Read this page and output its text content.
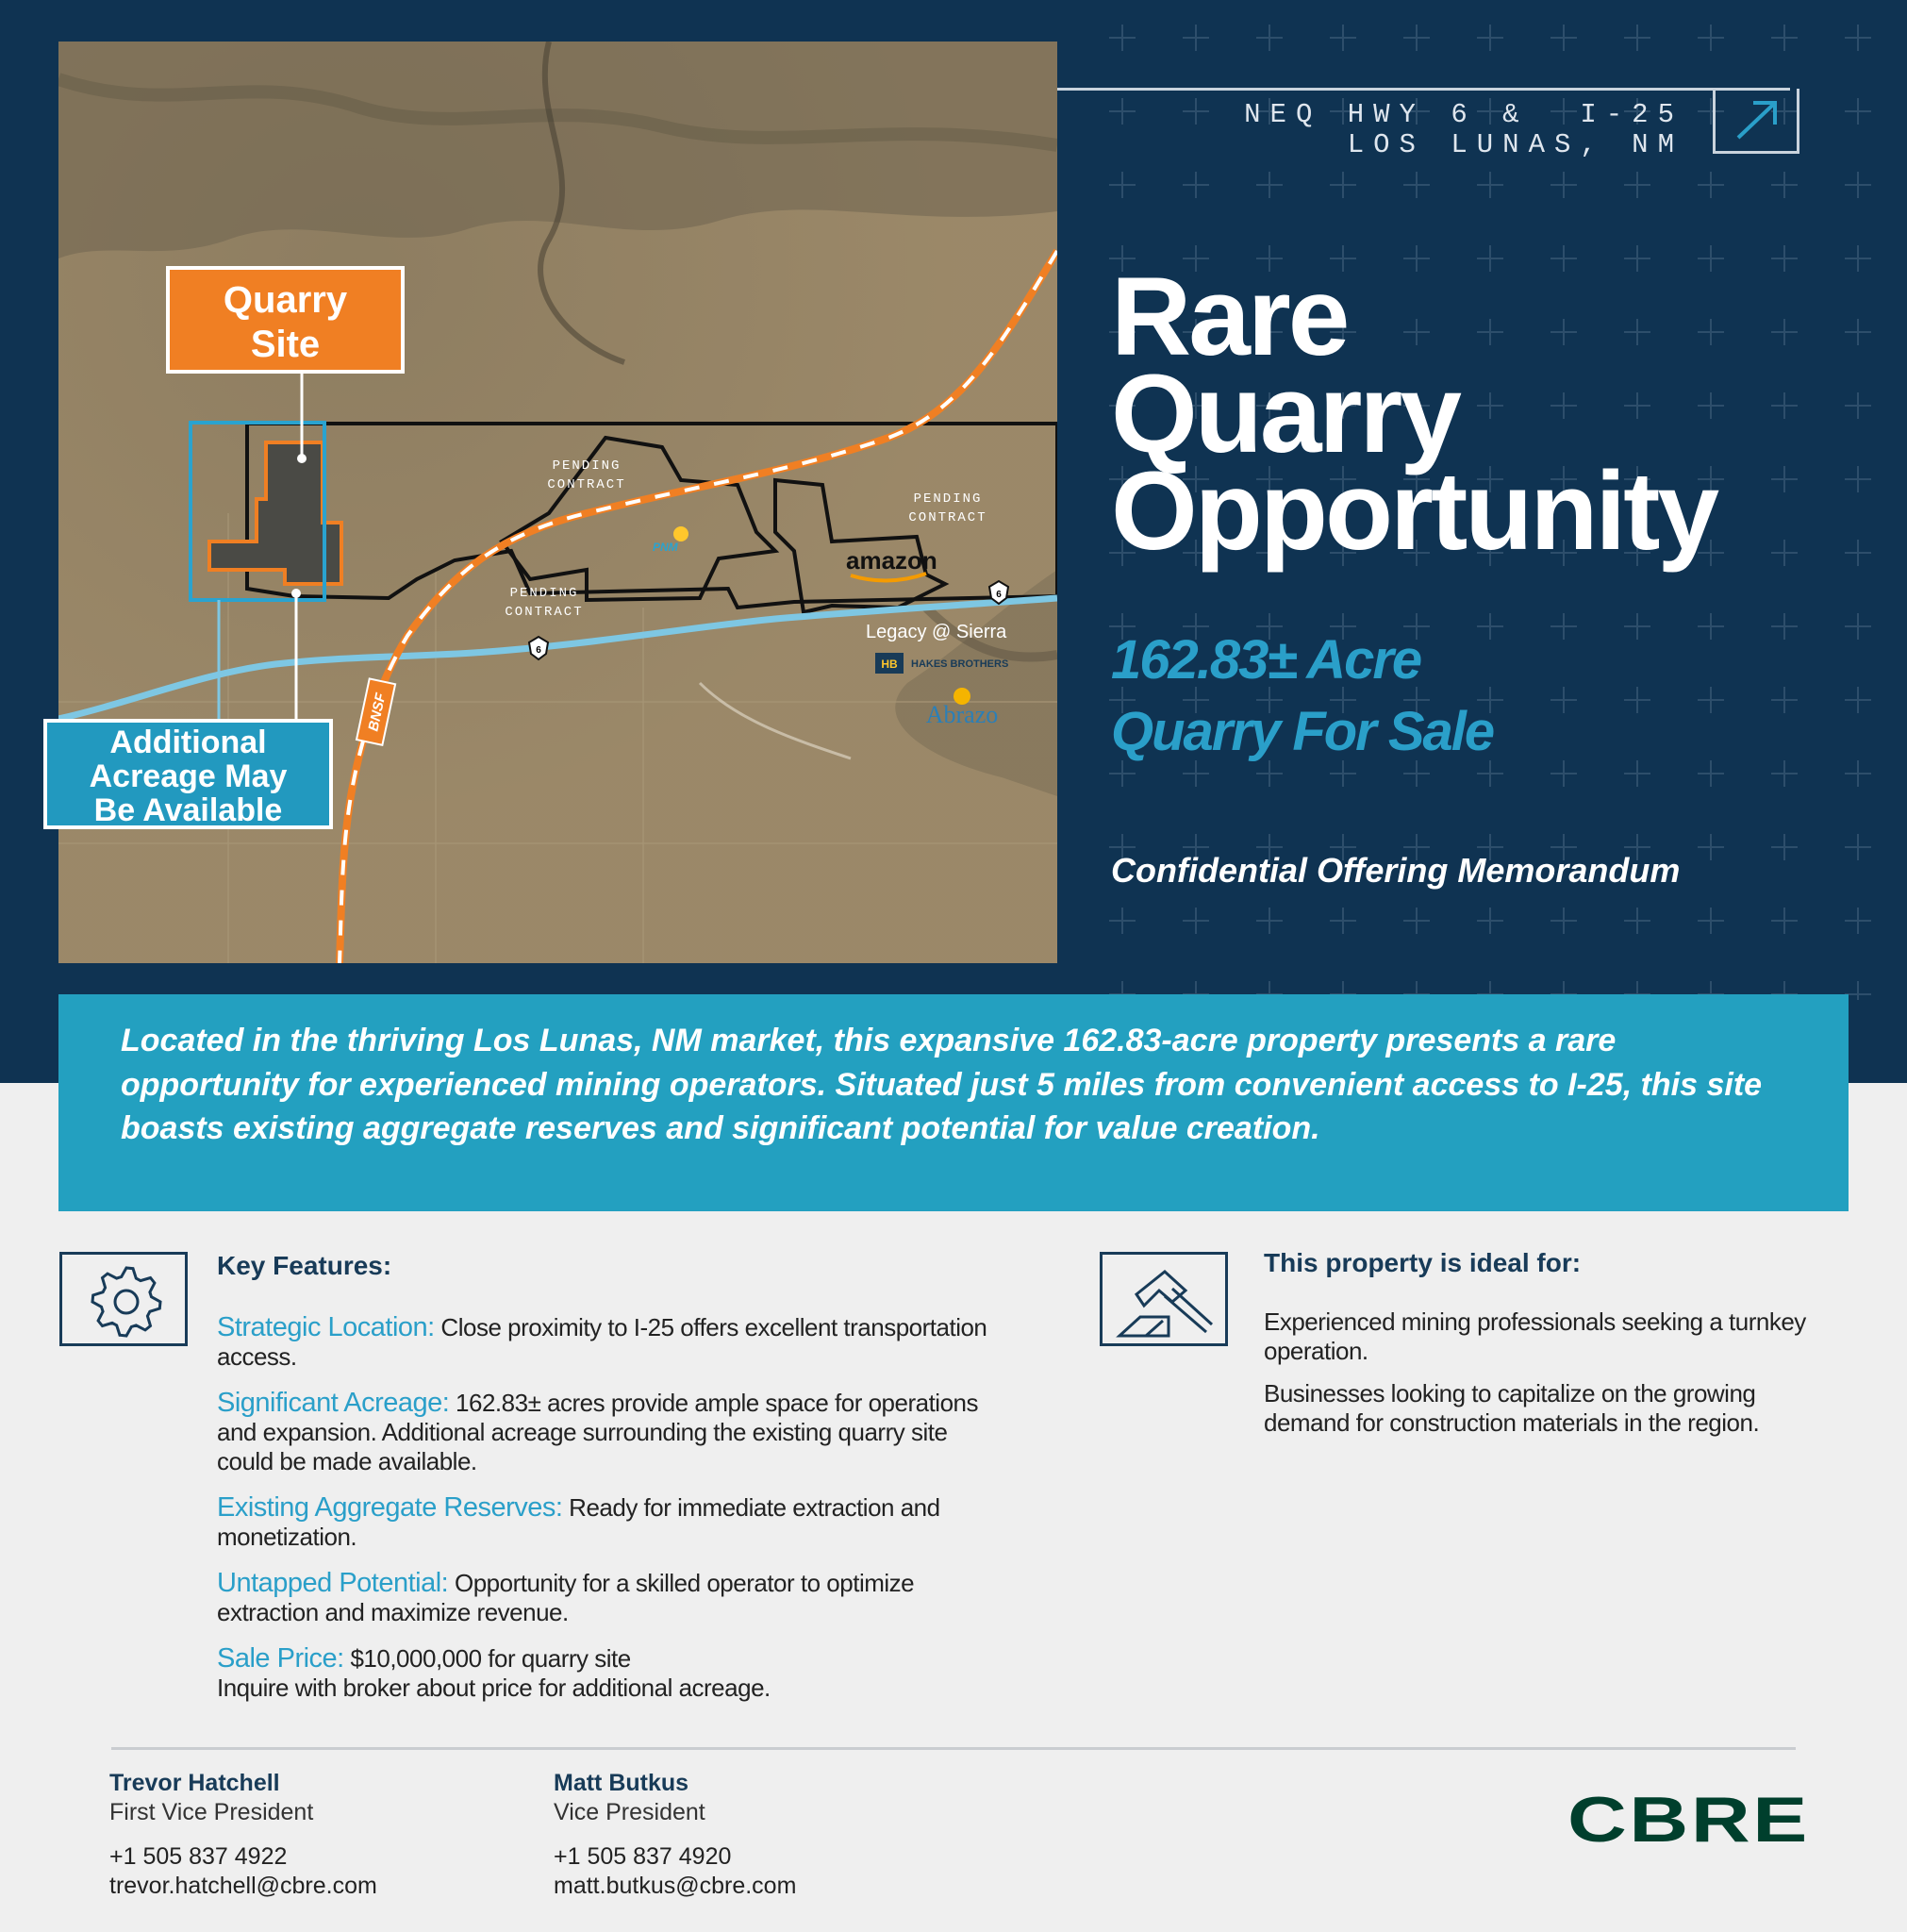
NEQ HWY 6 &  I-25
LOS LUNAS, NM
6
6
PNM
BNSF
HB HAKES BROTHERS
Abrazo
amazon
Legacy @ Sierra
PENDING
CONTRACT
PENDING
CONTRACT
PENDING
CONTRACT
Quarry
Site
Additional
Acreage May
Be Available
Rare
Quarry
Opportunity
162.83± Acre
Quarry For Sale
Confidential Offering Memorandum

Located in the thriving Los Lunas, NM market, this expansive 162.83-acre property presents a rare opportunity for experienced mining operators. Situated just 5 miles from convenient access to I-25, this site boasts existing aggregate reserves and significant potential for value creation.

Key Features:
Strategic Location: Close proximity to I-25 offers excellent transportation access.
Significant Acreage: 162.83± acres provide ample space for operations and expansion. Additional acreage surrounding the existing quarry site could be made available.
Existing Aggregate Reserves: Ready for immediate extraction and monetization.
Untapped Potential: Opportunity for a skilled operator to optimize extraction and maximize revenue.
Sale Price: $10,000,000 for quarry site
Inquire with broker about price for additional acreage.
This property is ideal for:

Experienced mining professionals seeking a turnkey operation.

Businesses looking to capitalize on the growing demand for construction materials in the region.

Trevor Hatchell
First Vice President
+1 505 837 4922
trevor.hatchell@cbre.com
Matt Butkus
Vice President
+1 505 837 4920
matt.butkus@cbre.com
CBRE
